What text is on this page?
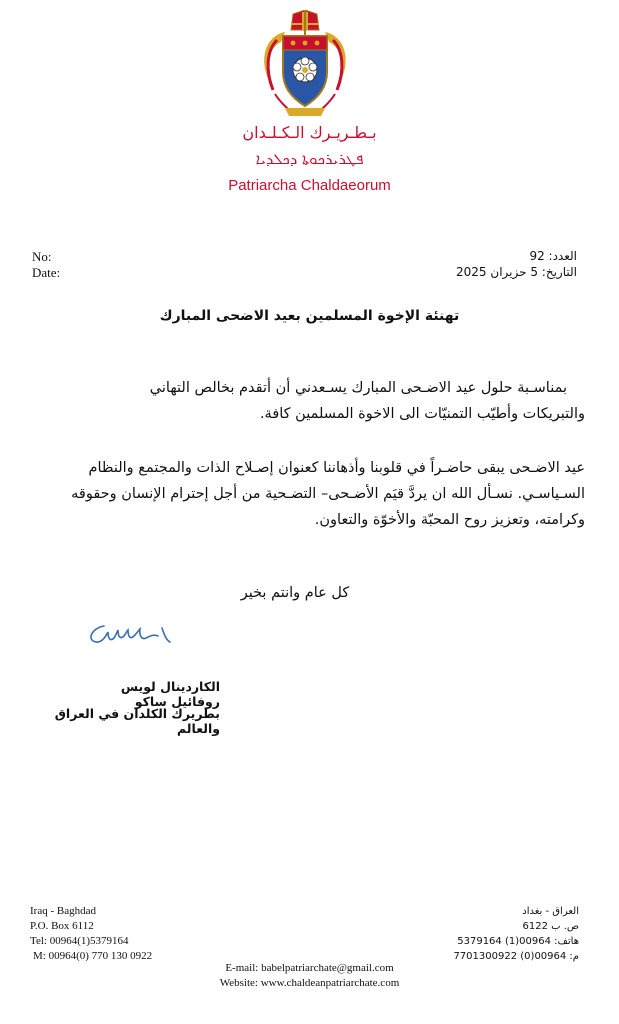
بـطـريـرك الـكـلـدان
ܦܛܪܝܪܟܘܬܐ ܕܟܠܕܝܐ
Patriarcha Chaldaeorum
No:
Date:
العدد: 92
التاريخ: 5 حزيران 2025
تهنئة الإخوة المسلمين بعيد الاضحى المبارك
بمناسـبة حلول عيد الاضـحى المبارك يسـعدني أن أتقدم بخالص التهاني
والتبريكات وأطيّب التمنيّات الى الاخوة المسلمين كافة.
عيد الاضـحى يبقى حاضـراً في قلوبنا وأذهاننا كعنوان إصـلاح الذات والمجتمع والنظام
السـياسـي. نسـأل الله ان يردَّ قيَم الأضـحى– التضـحية من أجل إحترام الإنسان وحقوقه
وكرامته، وتعزيز روح المحبّة والأخوّة والتعاون.
كل عام وانتم بخير
الكاردينال لويس روفائيل ساكو
بطريرك الكلدان في العراق والعالم
Iraq - Baghdad
P.O. Box 6112
Tel: 00964(1)5379164
M: 00964(0) 770 130 0922
العراق - بغداد
ص. ب 6122
هاتف: 00964(1) 5379164
م: 00964(0) 7701300922
E-mail: babelpatriarchate@gmail.com
Website: www.chaldeanpatriarchate.com
